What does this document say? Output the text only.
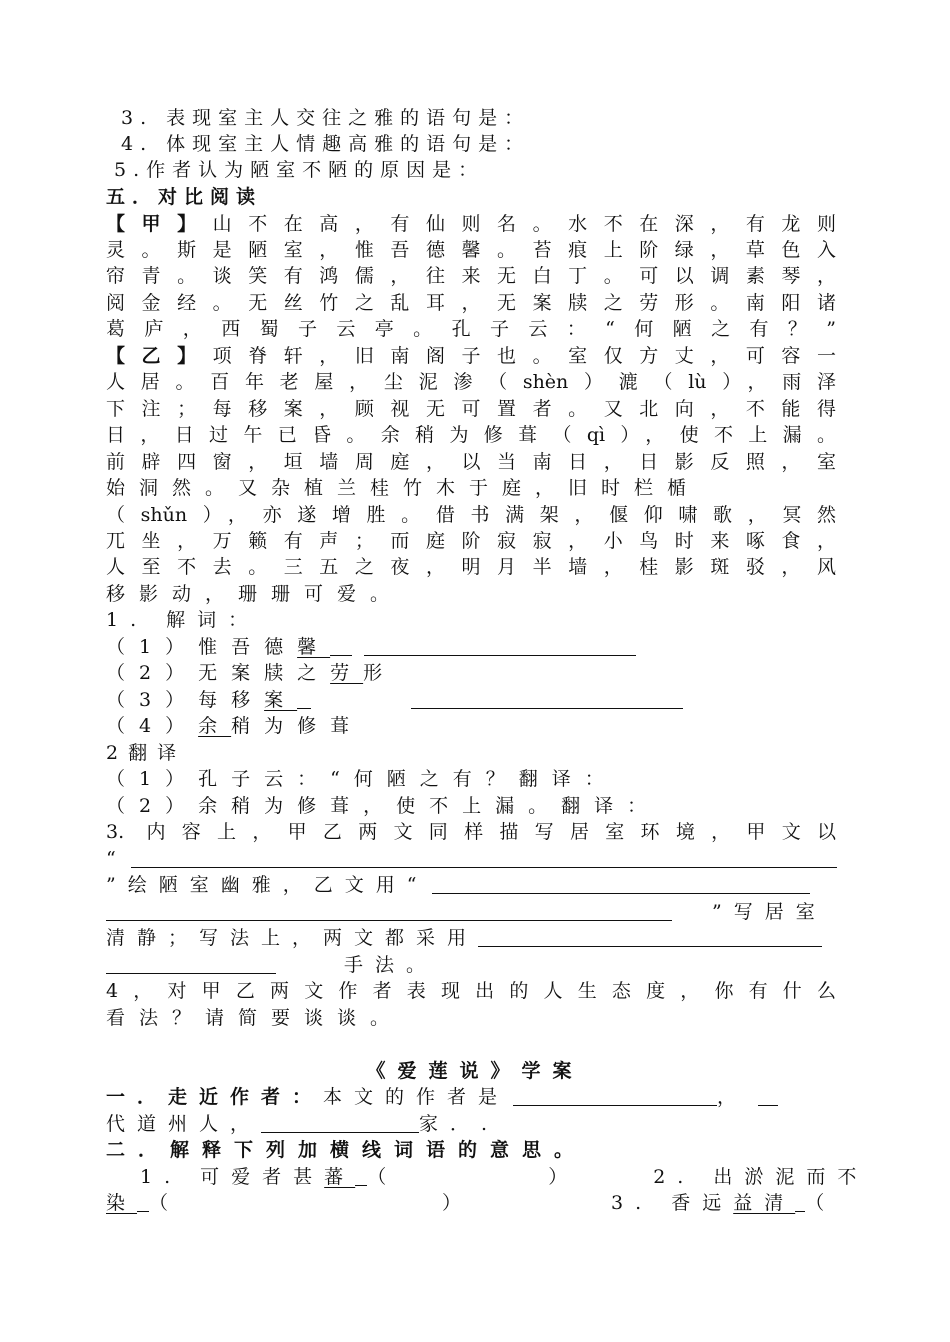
3. 表现室主人交往之雅的语句是：
4. 体现室主人情趣高雅的语句是：
5.作者认为陋室不陋的原因是：
五．对比阅读
【甲】山不在高，有仙则名。水不在深，有龙则
灵。斯是陋室，惟吾德馨。苔痕上阶绿，草色入
帘青。谈笑有鸿儒，往来无白丁。可以调素琴，
阅金经。无丝竹之乱耳，无案牍之劳形。南阳诸
葛庐，西蜀子云亭。孔子云：“何陋之有？”
【乙】项脊轩，旧南阁子也。室仅方丈，可容一
人居。百年老屋，尘泥渗（shèn）漉（lù），雨泽
下注；每移案，顾视无可置者。又北向，不能得
日，日过午已昏。余稍为修葺（qì），使不上漏。
前辟四窗，垣墙周庭，以当南日，日影反照，室
始洞然。又杂植兰桂竹木于庭，旧时栏楯
（shǔn），亦遂增胜。借书满架，偃仰啸歌，冥然
兀坐，万籁有声；而庭阶寂寂，小鸟时来啄食，
人至不去。三五之夜，明月半墙，桂影斑驳，风
移影动，珊珊可爱。
1. 解词：
（1）惟吾德馨
（2）无案牍之劳形
（3）每移案
（4）余稍为修葺
2翻译
（1）孔子云：“何陋之有？翻译：
（2）余稍为修葺，使不上漏。翻译：
3. 内容上，甲乙两文同样描写居室环境，甲文以
“
”绘陋室幽雅，乙文用“
”写居室
清静；写法上，两文都采用
手法。
4，对甲乙两文作者表现出的人生态度，你有什么
看法？请简要谈谈。
《爱莲说》学案
一．走近作者：本文的作者是	，
代道州人，	家．.
二．解释下列加横线词语的意思。
1. 可爱者甚蕃 （	）	2. 出淤泥而不
染 （	）	3. 香远益清 （
